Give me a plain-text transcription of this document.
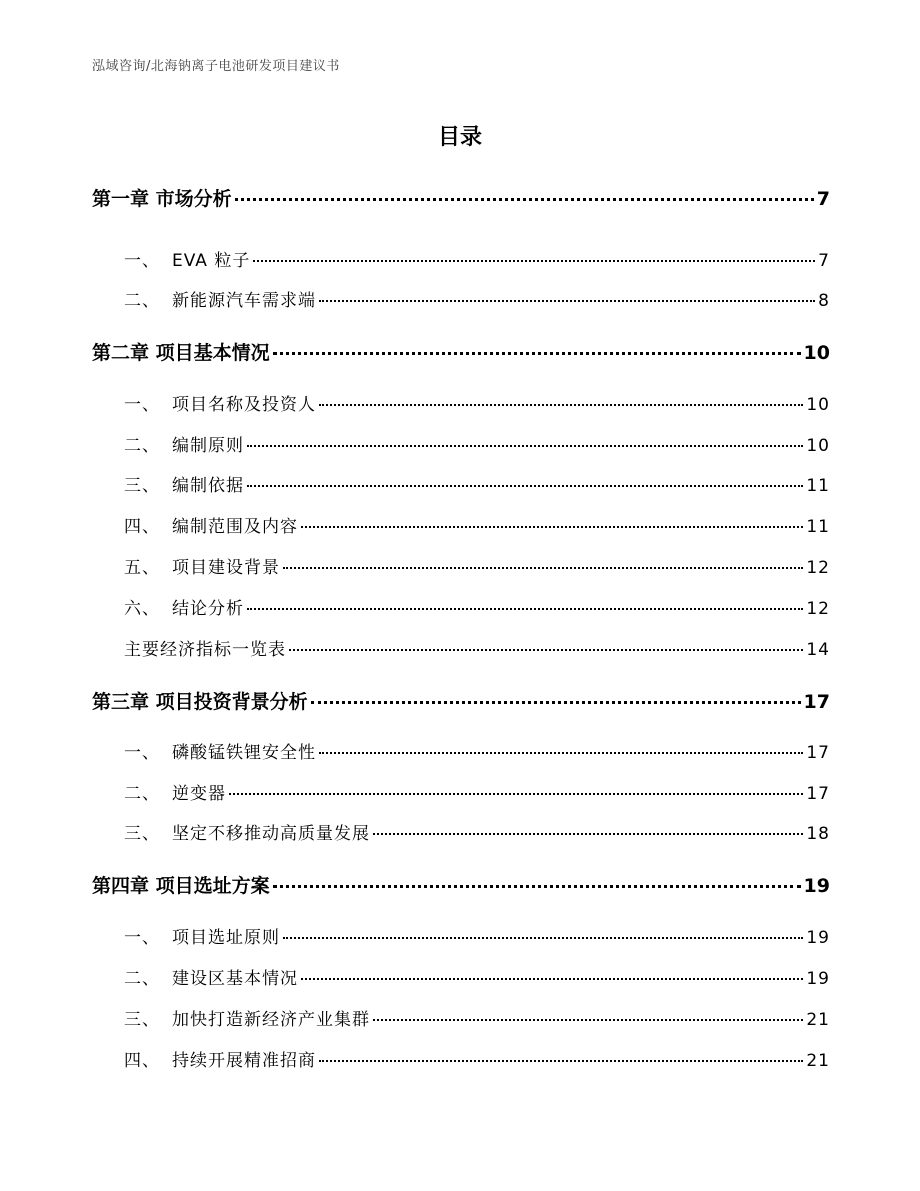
泓域咨询/北海钠离子电池研发项目建议书
目录
第一章 市场分析	7
一、 EVA 粒子	7
二、 新能源汽车需求端	8
第二章 项目基本情况	10
一、 项目名称及投资人	10
二、 编制原则	10
三、 编制依据	11
四、 编制范围及内容	11
五、 项目建设背景	12
六、 结论分析	12
主要经济指标一览表	14
第三章 项目投资背景分析	17
一、 磷酸锰铁锂安全性	17
二、 逆变器	17
三、 坚定不移推动高质量发展	18
第四章 项目选址方案	19
一、 项目选址原则	19
二、 建设区基本情况	19
三、 加快打造新经济产业集群	21
四、 持续开展精准招商	21
